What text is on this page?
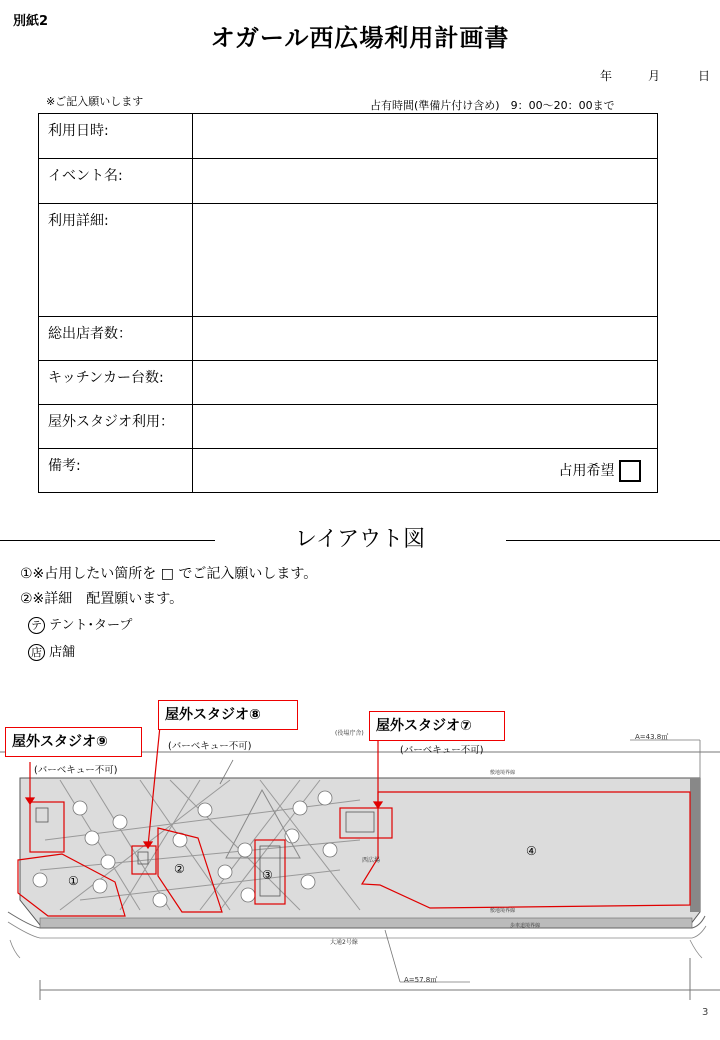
別紙2
オガール西広場利用計画書
年	月	日
※ご記入願いします	占有時間(準備片付け含め)　9：00～20：00まで
利用日時:	
イベント名:	
利用詳細:	
総出店者数：	
キッチンカー台数:	
屋外スタジオ利用：	
備考:	占用希望
レイアウト図
①※占用したい箇所を □ でご記入願いします。
②※詳細　配置願います。
テ テント･タープ
店 店舗
①
②	③
④
西広場
(役場庁舎)
大通2号線
A=43.8㎡
A=57.8㎡
敷地境界線
敷地境界線
歩車道境界線
屋外スタジオ⑨
(バーベキュー不可)
屋外スタジオ⑧
(バーベキュー不可)
屋外スタジオ⑦
(バーベキュー不可)
3
